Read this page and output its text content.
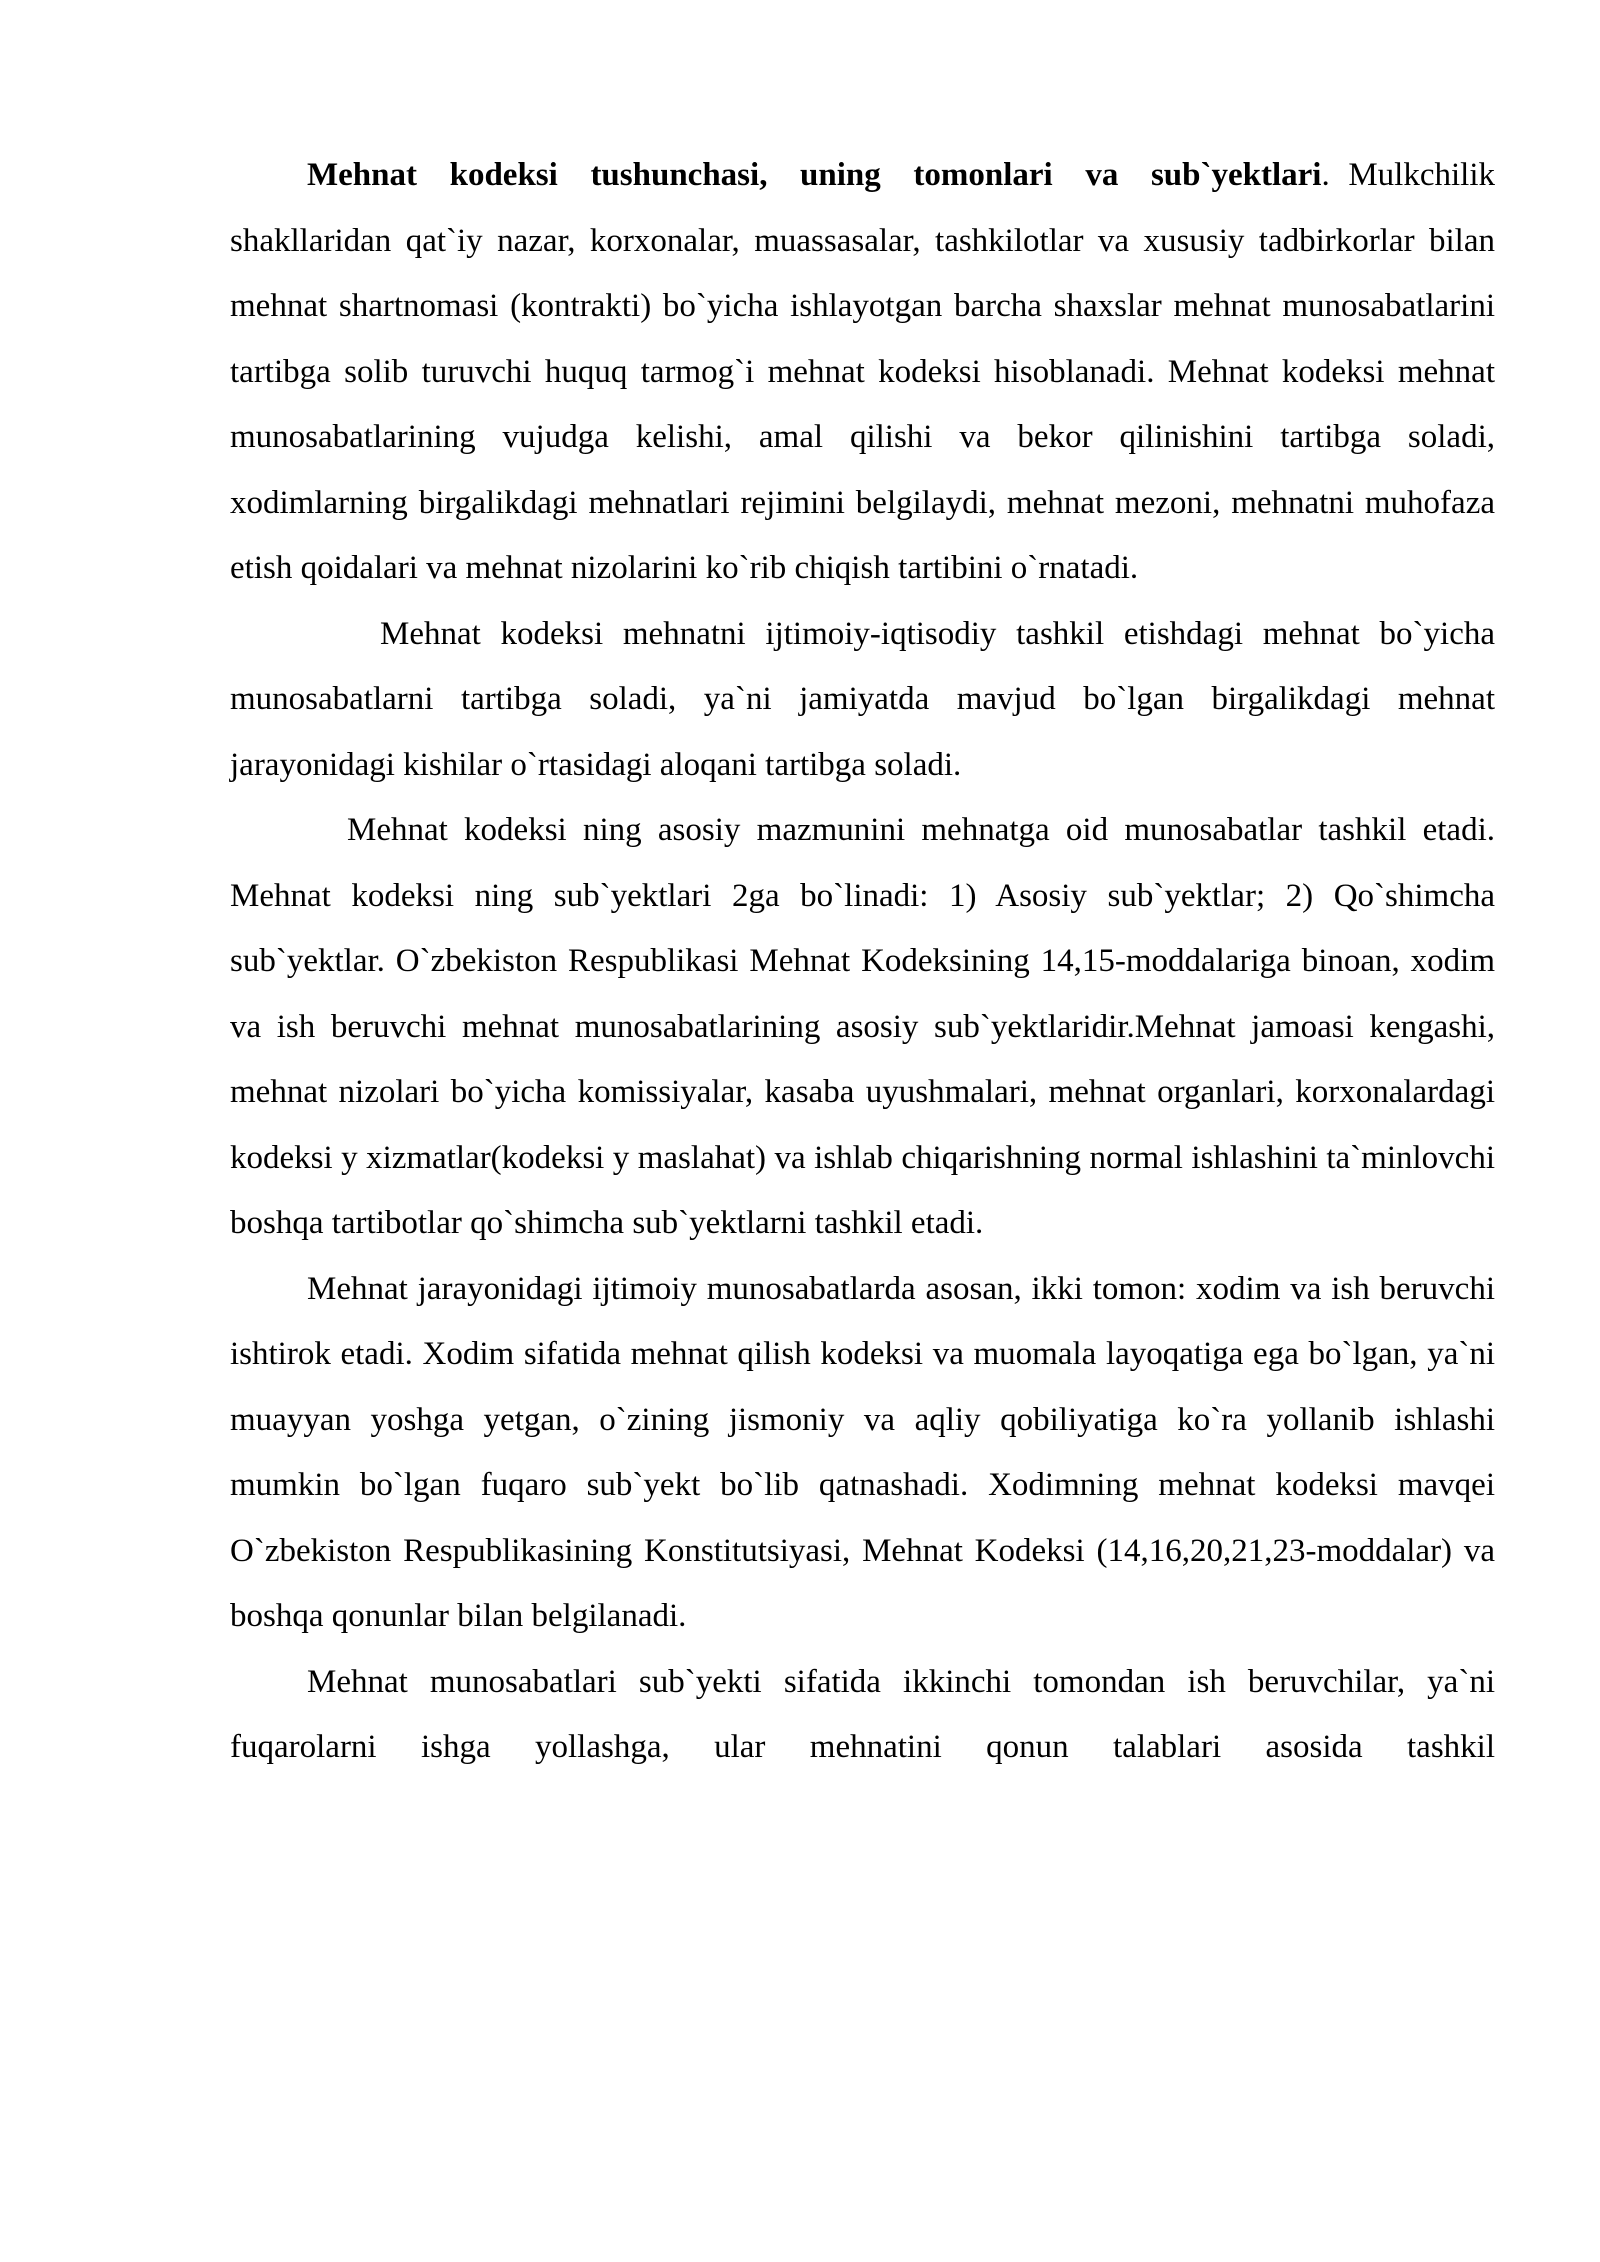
Mehnat kodeksi tushunchasi, uning tomonlari va sub`yektlari. Mulkchilik shakllaridan qat`iy nazar, korxonalar, muassasalar, tashkilotlar va xususiy tadbirkorlar bilan mehnat shartnomasi (kontrakti) bo`yicha ishlayotgan barcha shaxslar mehnat munosabatlarini tartibga solib turuvchi huquq tarmog`i mehnat kodeksi hisoblanadi. Mehnat kodeksi mehnat munosabatlarining vujudga kelishi, amal qilishi va bekor qilinishini tartibga soladi, xodimlarning birgalikdagi mehnatlari rejimini belgilaydi, mehnat mezoni, mehnatni muhofaza etish qoidalari va mehnat nizolarini ko`rib chiqish tartibini o`rnatadi.

Mehnat kodeksi mehnatni ijtimoiy-iqtisodiy tashkil etishdagi mehnat bo`yicha munosabatlarni tartibga soladi, ya`ni jamiyatda mavjud bo`lgan birgalikdagi mehnat jarayonidagi kishilar o`rtasidagi aloqani tartibga soladi.

Mehnat kodeksi ning asosiy mazmunini mehnatga oid munosabatlar tashkil etadi. Mehnat kodeksi ning sub`yektlari 2ga bo`linadi: 1) Asosiy sub`yektlar; 2) Qo`shimcha sub`yektlar. O`zbekiston Respublikasi Mehnat Kodeksining 14,15-moddalariga binoan, xodim va ish beruvchi mehnat munosabatlarining asosiy sub`yektlaridir.Mehnat jamoasi kengashi, mehnat nizolari bo`yicha komissiyalar, kasaba uyushmalari, mehnat organlari, korxonalardagi kodeksi y xizmatlar(kodeksi y maslahat) va ishlab chiqarishning normal ishlashini ta`minlovchi boshqa tartibotlar qo`shimcha sub`yektlarni tashkil etadi.

Mehnat jarayonidagi ijtimoiy munosabatlarda asosan, ikki tomon: xodim va ish beruvchi ishtirok etadi. Xodim sifatida mehnat qilish kodeksi va muomala layoqatiga ega bo`lgan, ya`ni muayyan yoshga yetgan, o`zining jismoniy va aqliy qobiliyatiga ko`ra yollanib ishlashi mumkin bo`lgan fuqaro sub`yekt bo`lib qatnashadi. Xodimning mehnat kodeksi mavqei O`zbekiston Respublikasining Konstitutsiyasi, Mehnat Kodeksi (14,16,20,21,23-moddalar) va boshqa qonunlar bilan belgilanadi.

Mehnat munosabatlari sub`yekti sifatida ikkinchi tomondan ish beruvchilar, ya`ni fuqarolarni ishga yollashga, ular mehnatini qonun talablari asosida tashkil
